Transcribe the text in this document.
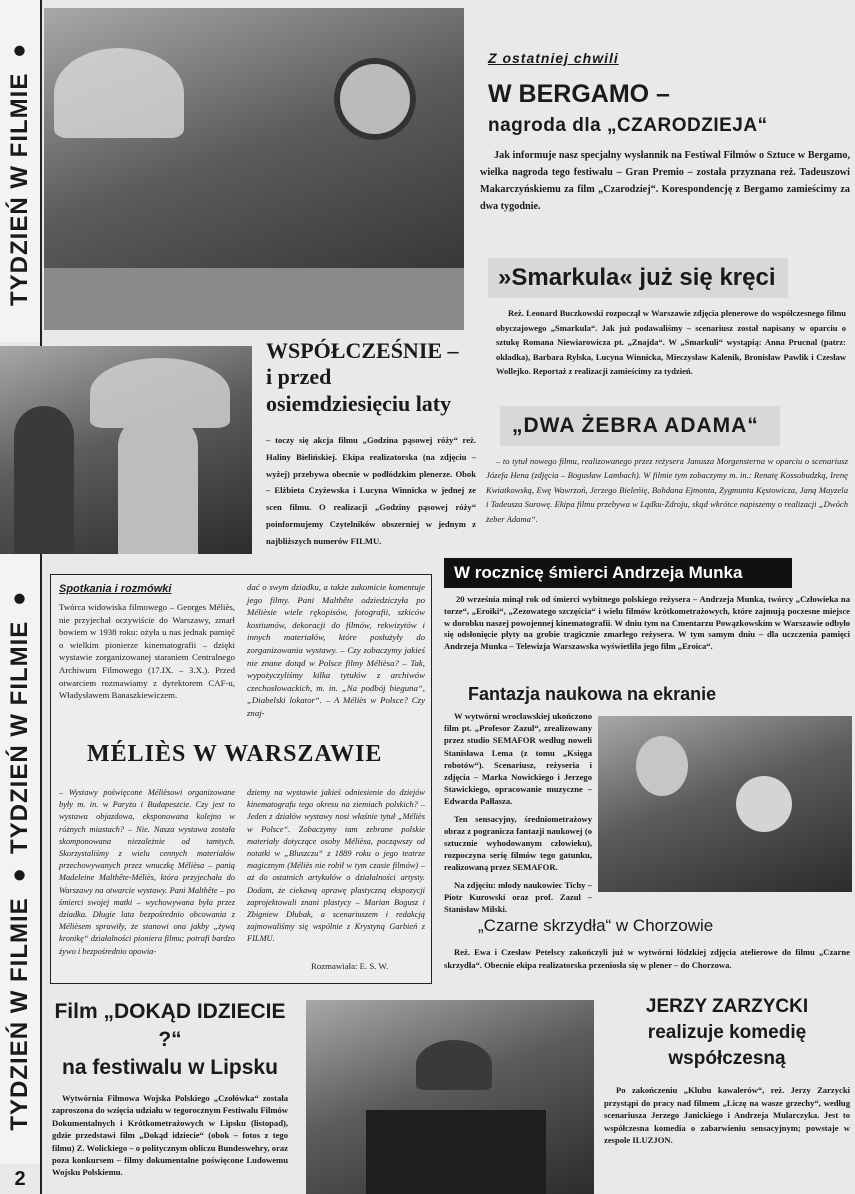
TYDZIEŃ W FILMIE ●
TYDZIEŃ W FILMIE ● TYDZIEŃ W FILMIE ●
2
Z ostatniej chwili
W BERGAMO –
nagroda dla „CZARODZIEJA“

Jak informuje nasz specjalny wysłannik na Festiwal Filmów o Sztuce w Bergamo, wielka nagroda tego festiwalu – Gran Premio – została przyznana reż. Tadeuszowi Makarczyńskiemu za film „Czarodziej“. Korespondencję z Bergamo zamieścimy za dwa tygodnie.

»Smarkula« już się kręci

Reż. Leonard Buczkowski rozpoczął w Warszawie zdjęcia plenerowe do współczesnego filmu obyczajowego „Smarkula“. Jak już podawaliśmy – scenariusz został napisany w oparciu o sztukę Romana Niewiarowicza pt. „Znajda“. W „Smarkuli“ wystąpią: Anna Prucnal (patrz: okładka), Barbara Rylska, Lucyna Winnicka, Mieczysław Kalenik, Bronisław Pawlik i Czesław Wollejko. Reportaż z realizacji zamieścimy za tydzień.

WSPÓŁCZEŚNIE –
i przed
osiemdziesięciu laty

– toczy się akcja filmu „Godzina pąsowej róży“ reż. Haliny Bielińskiej. Ekipa realizatorska (na zdjęciu – wyżej) przebywa obecnie w podłódzkim plenerze. Obok – Elżbieta Czyżewska i Lucyna Winnicka w jednej ze scen filmu. O realizacji „Godziny pąsowej róży“ poinformujemy Czytelników obszerniej w jednym z najbliższych numerów FILMU.

„DWA ŻEBRA ADAMA“

– to tytuł nowego filmu, realizowanego przez reżysera Janusza Morgensterna w oparciu o scenariusz Józefa Hena (zdjęcia – Bogusław Lambach). W filmie tym zobaczymy m. in.: Renatę Kossobudzką, Irenę Kwiatkowską, Ewę Wawrzoń, Jerzego Bieleńię, Bohdana Ejmonta, Zygmunta Kęstowicza, Janą Mayzela i Tadeusza Surowę. Ekipa filmu przebywa w Lądku-Zdroju, skąd wkrótce napiszemy o realizacji „Dwóch żeber Adama“.

W rocznicę śmierci Andrzeja Munka

20 września minął rok od śmierci wybitnego polskiego reżysera – Andrzeja Munka, twórcy „Człowieka na torze“, „Eroiki“, „Zezowatego szczęścia“ i wielu filmów krótkometrażowych, które zajmują poczesne miejsce w dorobku naszej powojennej kinematografii. W dniu tym na Cmentarzu Powązkowskim w Warszawie odbyło się odsłonięcie płyty na grobie tragicznie zmarłego reżysera. W tym samym dniu – dla uczczenia pamięci Andrzeja Munka – Telewizja Warszawska wyświetliła jego film „Eroica“.

Spotkania i rozmówki

Twórca widowiska filmowego – Georges Méliès, nie przyjechał oczywiście do Warszawy, zmarł bowiem w 1938 roku: ożyła u nas jednak pamięć o wielkim pionierze kinematografii – dzięki wystawie zorganizowanej staraniem Centralnego Archiwum Filmowego (17.IX. – 3.X.). Przed otwarciem rozmawiamy z dyrektorem CAF-u, Władysławem Banaszkiewiczem.

dać o swym dziadku, a także zakomicie komentuje jego filmy. Pani Malthête odziedziczyła po Mélièsie wiele rękopisów, fotografii, szkiców kostiumów, dekoracji do filmów, rekwizytów i innych materiałów, które posłużyły do zorganizowania wystawy. – Czy zobaczymy jakieś nie znane dotąd w Polsce filmy Mélièsa? – Tak, wypożyczyliśmy kilka tytułów z archiwów czechosłowackich, m. in. „Na podbój bieguna“, „Diabelski lokator“. – A Méliès w Polsce? Czy znaj-

MÉLIÈS W WARSZAWIE

– Wystawy poświęcone Mélièsowi organizowane były m. in. w Paryżu i Budapeszcie. Czy jest to wystawa objazdowa, eksponowana kolejno w różnych miastach? – Nie. Nasza wystawa została skomponowana niezależnie od tamtych. Skorzystaliśmy z wielu cennych materiałów przechowywanych przez wnuczkę Mélièsa – panią Madeleine Malthête-Méliès, która przyjechała do Warszawy na otwarcie wystawy. Pani Malthête – po śmierci swojej matki – wychowywana była przez dziadka. Długie lata bezpośrednio obcowania z Mélièsem sprawiły, że stanowi ona jakby „żywą kronikę“ działalności pioniera filmu; potrafi bardzo żywo i bezpośrednio opowia-

dziemy na wystawie jakieś odniesienie do dziejów kinematografu tego okresu na ziemiach polskich? – Jeden z działów wystawy nosi właśnie tytuł „Méliès w Polsce“. Zobaczymy tam zebrane polskie materiały dotyczące osoby Mélièsa, począwszy od notatki w „Bluszczu“ z 1889 roku o jego teatrze magicznym (Méliès nie robił w tym czasie filmów) – aż do ostatnich artykułów o działalności artysty. Dodam, że ciekawą oprawę plastyczną ekspozycji zaprojektowali znani plastycy – Marian Bogusz i Zbigniew Dłubak, a scenariuszem i redakcją zajmowaliśmy się wspólnie z Krystyną Garbień z FILMU.

Rozmawiała: E. S. W.
Fantazja naukowa na ekranie

W wytwórni wrocławskiej ukończono film pt. „Profesor Zazul“, zrealizowany przez studio SEMAFOR według noweli Stanisława Lema (z tomu „Księga robotów“). Scenariusz, reżyseria i zdjęcia – Marka Nowickiego i Jerzego Stawickiego, opracowanie muzyczne – Edwarda Pałłasza.

Ten sensacyjny, średniometrażowy obraz z pogranicza fantazji naukowej (o sztucznie wyhodowanym człowieku), rozpoczyna serię filmów tego gatunku, realizowaną przez SEMAFOR.

Na zdjęciu: młody naukowiec Tichy – Piotr Kurowski oraz prof. Zazul – Stanisław Milski.

„Czarne skrzydła“ w Chorzowie

Reż. Ewa i Czesław Petelscy zakończyli już w wytwórni łódzkiej zdjęcia atelierowe do filmu „Czarne skrzydła“. Obecnie ekipa realizatorska przeniosła się w plener – do Chorzowa.

Film „DOKĄD IDZIECIE ?“
na festiwalu w Lipsku

Wytwórnia Filmowa Wojska Polskiego „Czołówka“ została zaproszona do wzięcia udziału w tegorocznym Festiwalu Filmów Dokumentalnych i Krótkometrażowych w Lipsku (listopad), gdzie przedstawi film „Dokąd idziecie“ (obok – fotos z tego filmu) Z. Wolickiego – o politycznym obliczu Bundeswehry, oraz poza konkursem – filmy dokumentalne poświęcone Ludowemu Wojsku Polskiemu.

JERZY ZARZYCKI
realizuje komedię
współczesną

Po zakończeniu „Klubu kawalerów“, reż. Jerzy Zarzycki przystąpi do pracy nad filmem „Liczę na wasze grzechy“, według scenariusza Jerzego Janickiego i Andrzeja Mularczyka. Jest to współczesna komedia o zabarwieniu sensacyjnym; powstaje w zespole ILUZJON.
